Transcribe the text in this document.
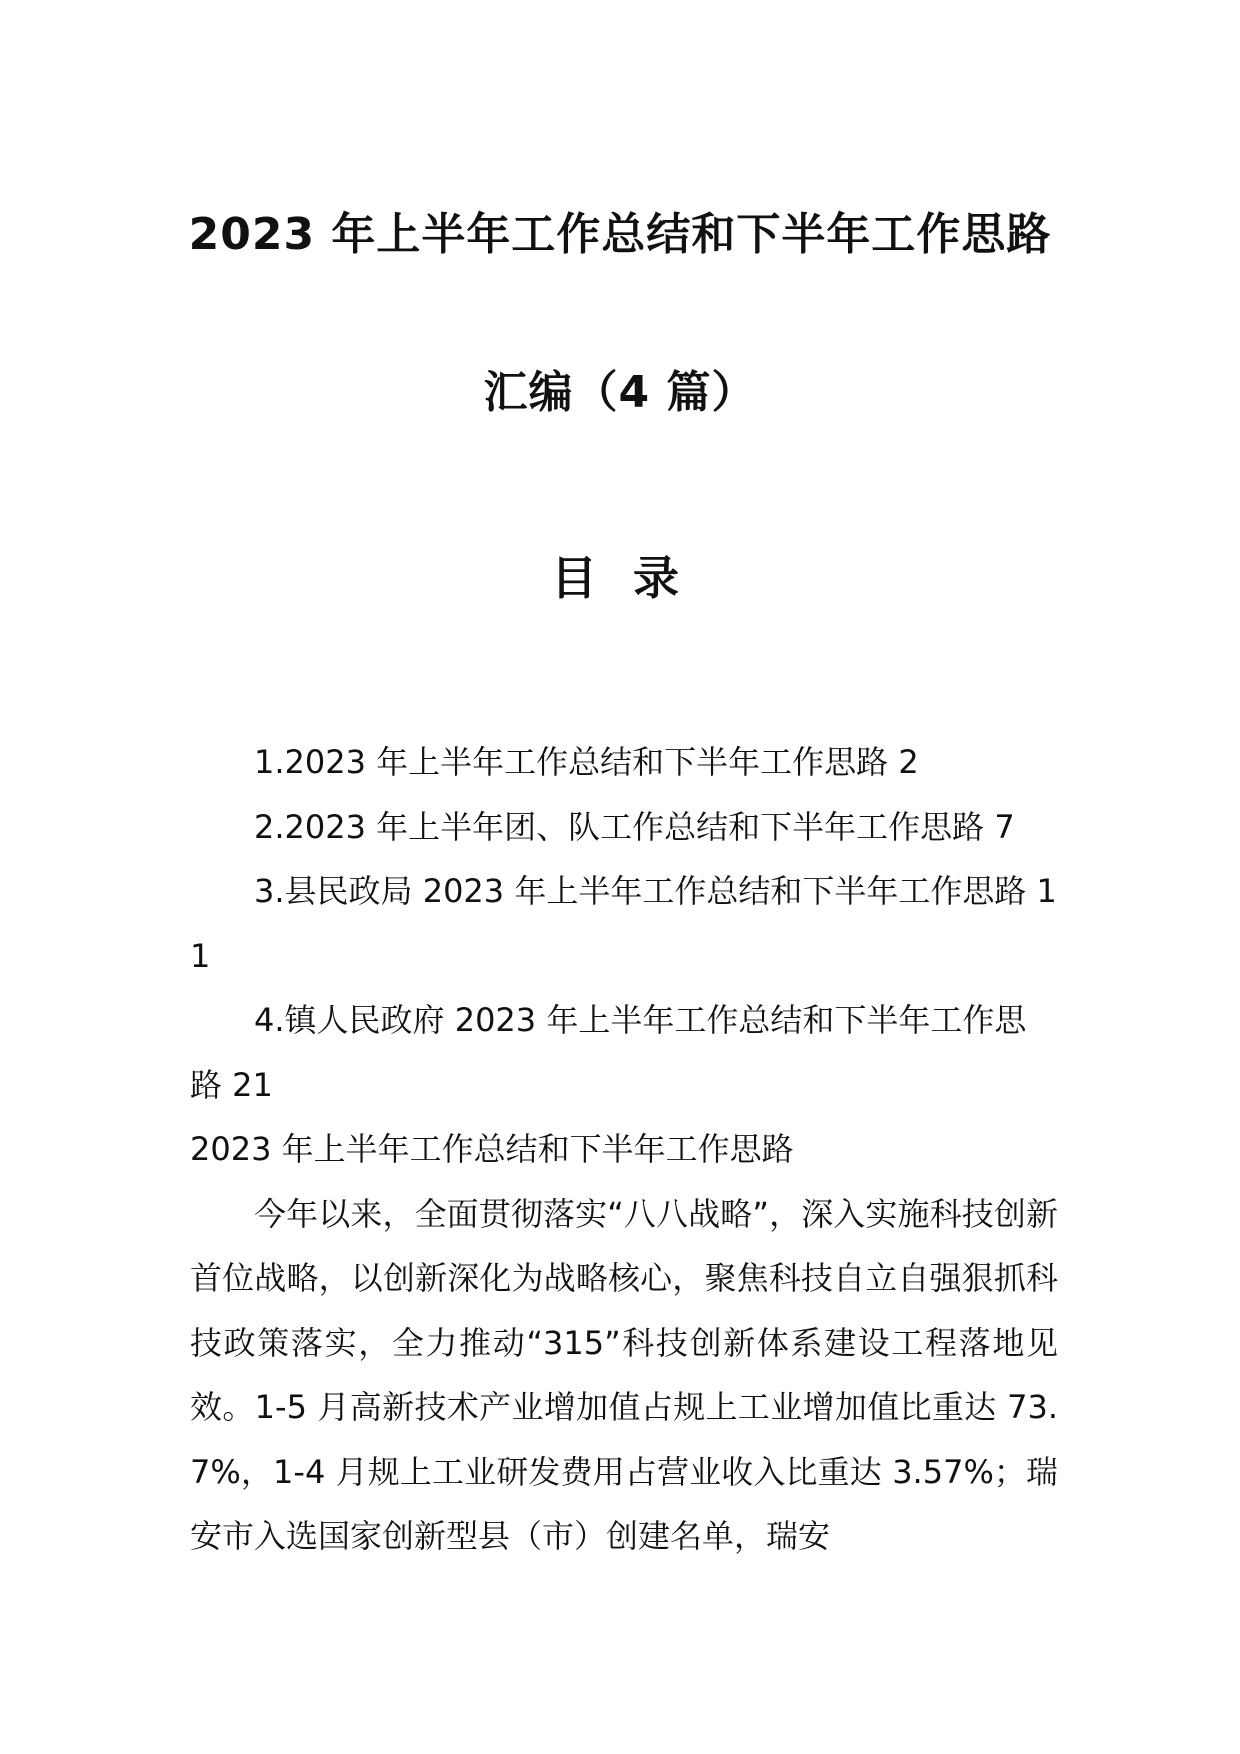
2023 年上半年工作总结和下半年工作思路
汇编（4 篇）
目 录
1.2023 年上半年工作总结和下半年工作思路 2
2.2023 年上半年团、队工作总结和下半年工作思路 7
3.县民政局 2023 年上半年工作总结和下半年工作思路 11
4.镇人民政府 2023 年上半年工作总结和下半年工作思路 21

2023 年上半年工作总结和下半年工作思路

今年以来，全面贯彻落实“八八战略”，深入实施科技创新首位战略，以创新深化为战略核心，聚焦科技自立自强狠抓科技政策落实，全力推动“315”科技创新体系建设工程落地见效。1-5 月高新技术产业增加值占规上工业增加值比重达 73.7%，1-4 月规上工业研发费用占营业收入比重达 3.57%；瑞安市入选国家创新型县（市）创建名单，瑞安
